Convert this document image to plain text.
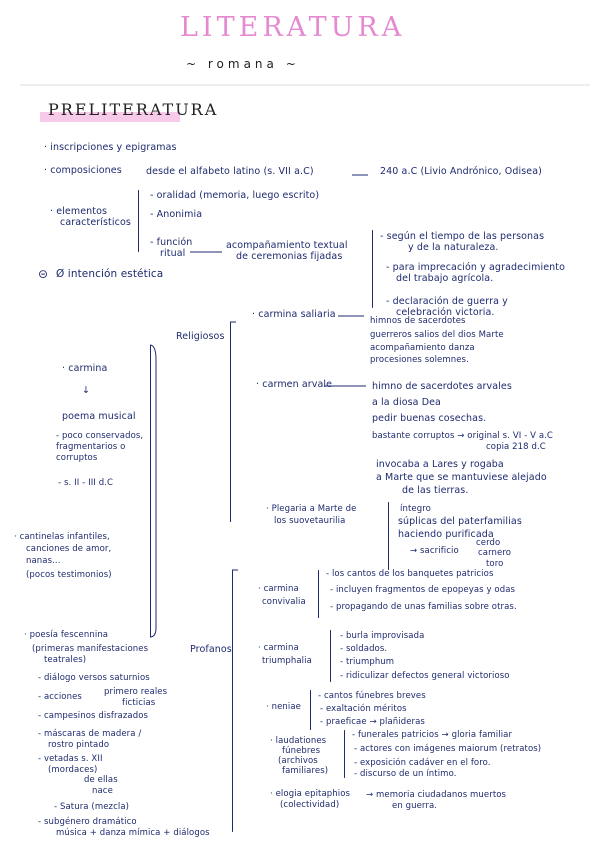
LITERATURA
~ romana ~
PRELITERATURA
· inscripciones y epigramas
· composiciones	desde el alfabeto latino (s. VII a.C)	240 a.C (Livio Andrónico, Odisea)
· elementos
característicos
- oralidad (memoria, luego escrito)
- Anonimia
- función
ritual
acompañamiento textual
de ceremonias fijadas
- según el tiempo de las personas
y de la naturaleza.
- para imprecación y agradecimiento
del trabajo agrícola.
- declaración de guerra y
celebración victoria.
⊝ Ø intención estética
· carmina
↓
poema musical
- poco conservados,
fragmentarios o
corruptos
- s. II - III d.C
· cantinelas infantiles,
canciones de amor,
nanas...
(pocos testimonios)
· poesía fescennina
(primeras manifestaciones
teatrales)
- diálogo versos saturnios
- acciones	primero reales
ficticias
- campesinos disfrazados
- máscaras de madera /
rostro pintado
- vetadas s. XII
(mordaces)
de ellas
nace
- Satura (mezcla)
- subgénero dramático
música + danza mímica + diálogos
Religiosos
· carmina saliaria
himnos de sacerdotes
guerreros salios del dios Marte
acompañamiento danza
procesiones solemnes.
· carmen arvale	himno de sacerdotes arvales
a la diosa Dea
pedir buenas cosechas.
bastante corruptos → original s. VI - V a.C
copia 218 d.C
invocaba a Lares y rogaba
a Marte que se mantuviese alejado
de las tierras.
· Plegaria a Marte de
los suovetaurilia
íntegro
súplicas del paterfamilias
haciendo purificada
→ sacrificio
cerdo
carnero
toro
Profanos
· carmina
convivalia
- los cantos de los banquetes patricios
- incluyen fragmentos de epopeyas y odas
- propagando de unas familias sobre otras.
· carmina
triumphalia
- burla improvisada
- soldados.
- triumphum
- ridiculizar defectos general victorioso
· neniae
- cantos fúnebres breves
- exaltación méritos
- praeficae → plañideras
· laudationes
fúnebres
(archivos
familiares)
- funerales patricios → gloria familiar
- actores con imágenes maiorum (retratos)
- exposición cadáver en el foro.
- discurso de un íntimo.
· elogia epitaphios
(colectividad)
→ memoria ciudadanos muertos
en guerra.
